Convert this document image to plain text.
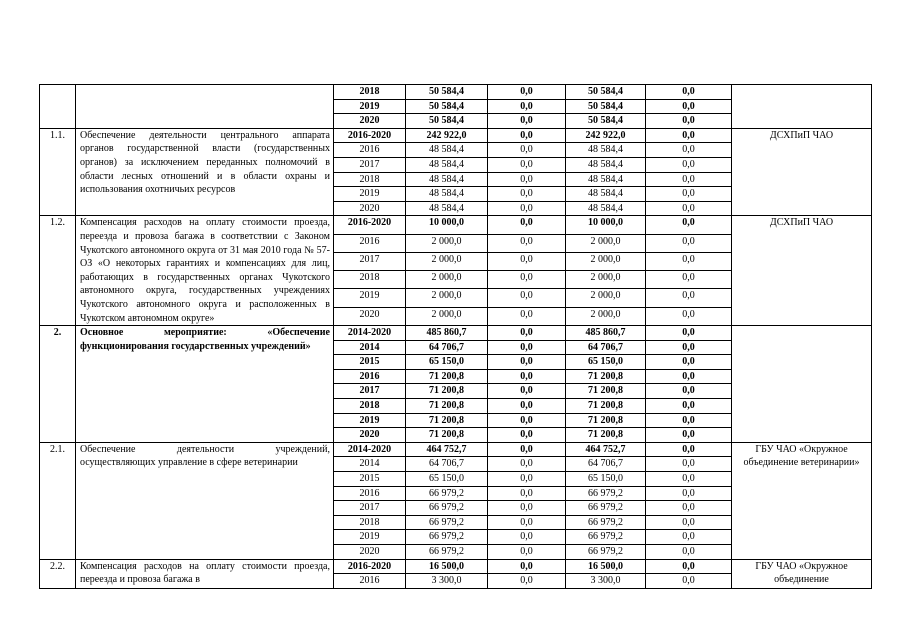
		2018	50 584,4	0,0	50 584,4	0,0	
		2019	50 584,4	0,0	50 584,4	0,0	
		2020	50 584,4	0,0	50 584,4	0,0	
1.1.	Обеспечение деятельности центрального аппарата органов государственной власти (государственных органов) за исключением переданных полномочий в области лесных отношений и в области охраны и использования охотничьих ресурсов	2016-2020	242 922,0	0,0	242 922,0	0,0	ДСХПиП ЧАО
		2016	48 584,4	0,0	48 584,4	0,0	
		2017	48 584,4	0,0	48 584,4	0,0	
		2018	48 584,4	0,0	48 584,4	0,0	
		2019	48 584,4	0,0	48 584,4	0,0	
		2020	48 584,4	0,0	48 584,4	0,0	
1.2.	Компенсация расходов на оплату стоимости проезда, переезда и провоза багажа в соответствии с Законом Чукотского автономного округа от 31 мая 2010 года № 57-ОЗ «О некоторых гарантиях и компенсациях для лиц, работающих в государственных органах Чукотского автономного округа, государственных учреждениях Чукотского автономного округа и расположенных в Чукотском автономном округе»	2016-2020	10 000,0	0,0	10 000,0	0,0	ДСХПиП ЧАО
		2016	2 000,0	0,0	2 000,0	0,0	
		2017	2 000,0	0,0	2 000,0	0,0	
		2018	2 000,0	0,0	2 000,0	0,0	
		2019	2 000,0	0,0	2 000,0	0,0	
		2020	2 000,0	0,0	2 000,0	0,0	
2.	Основное мероприятие: «Обеспечение функционирования государственных учреждений»	2014-2020	485 860,7	0,0	485 860,7	0,0	
		2014	64 706,7	0,0	64 706,7	0,0	
		2015	65 150,0	0,0	65 150,0	0,0	
		2016	71 200,8	0,0	71 200,8	0,0	
		2017	71 200,8	0,0	71 200,8	0,0	
		2018	71 200,8	0,0	71 200,8	0,0	
		2019	71 200,8	0,0	71 200,8	0,0	
		2020	71 200,8	0,0	71 200,8	0,0	
2.1.	Обеспечение деятельности учреждений, осуществляющих управление в сфере ветеринарии	2014-2020	464 752,7	0,0	464 752,7	0,0	ГБУ ЧАО «Окружное объединение ветеринарии»
		2014	64 706,7	0,0	64 706,7	0,0	
		2015	65 150,0	0,0	65 150,0	0,0	
		2016	66 979,2	0,0	66 979,2	0,0	
		2017	66 979,2	0,0	66 979,2	0,0	
		2018	66 979,2	0,0	66 979,2	0,0	
		2019	66 979,2	0,0	66 979,2	0,0	
		2020	66 979,2	0,0	66 979,2	0,0	
2.2.	Компенсация расходов на оплату стоимости проезда, переезда и провоза багажа в	2016-2020	16 500,0	0,0	16 500,0	0,0	ГБУ ЧАО «Окружное объединение
		2016	3 300,0	0,0	3 300,0	0,0	
